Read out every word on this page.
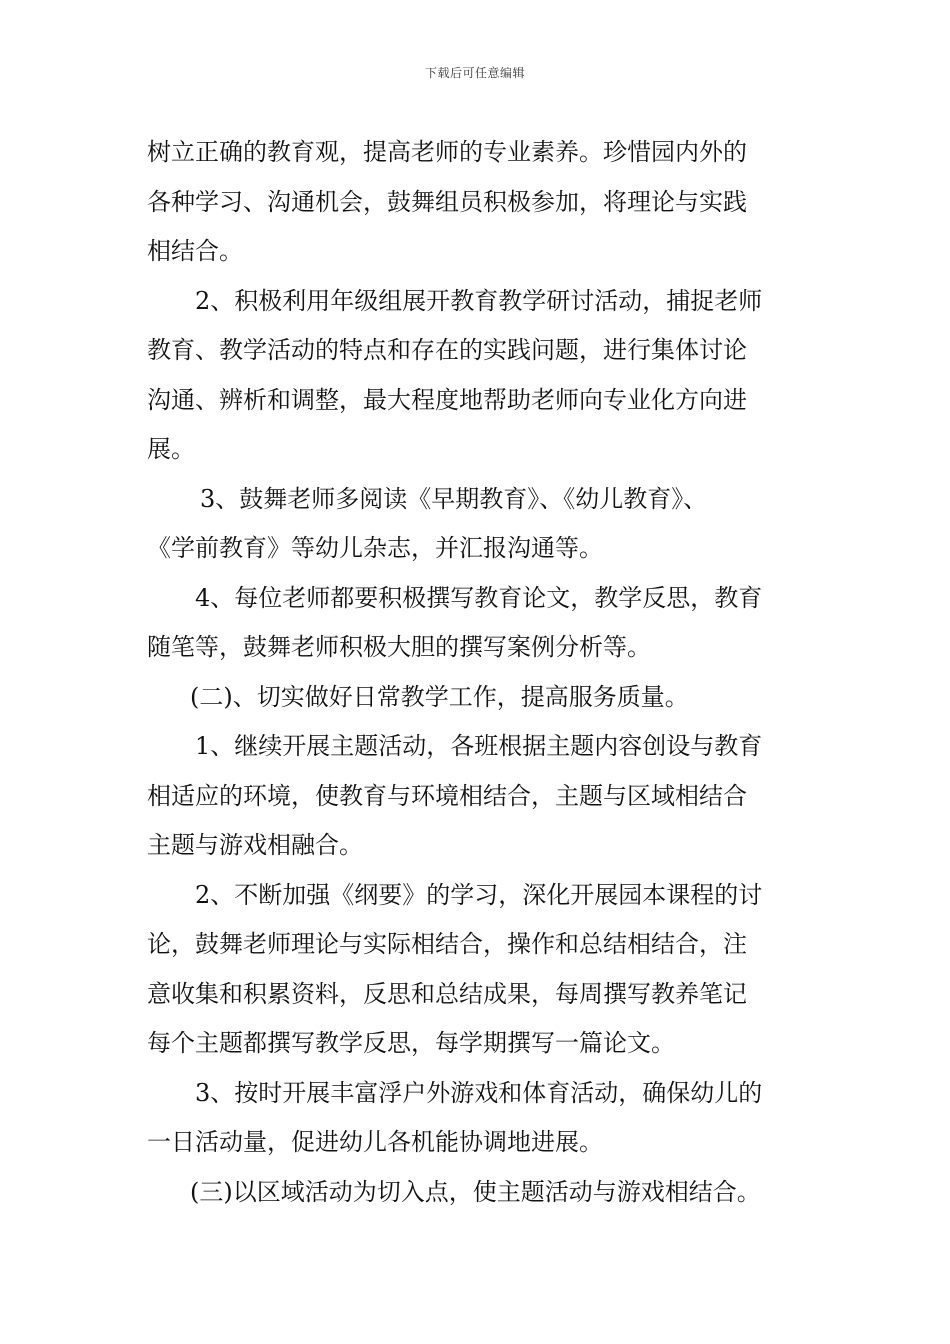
下载后可任意编辑
树立正确的教育观，提高老师的专业素养。珍惜园内外的
各种学习、沟通机会，鼓舞组员积极参加，将理论与实践
相结合。
2、积极利用年级组展开教育教学研讨活动，捕捉老师
教育、教学活动的特点和存在的实践问题，进行集体讨论
沟通、辨析和调整，最大程度地帮助老师向专业化方向进
展。
3、鼓舞老师多阅读《早期教育》、《幼儿教育》、
《学前教育》等幼儿杂志，并汇报沟通等。
4、每位老师都要积极撰写教育论文，教学反思，教育
随笔等，鼓舞老师积极大胆的撰写案例分析等。
(二)、切实做好日常教学工作，提高服务质量。
1、继续开展主题活动，各班根据主题内容创设与教育
相适应的环境，使教育与环境相结合，主题与区域相结合
主题与游戏相融合。
2、不断加强《纲要》的学习，深化开展园本课程的讨
论，鼓舞老师理论与实际相结合，操作和总结相结合，注
意收集和积累资料，反思和总结成果，每周撰写教养笔记
每个主题都撰写教学反思，每学期撰写一篇论文。
3、按时开展丰富浮户外游戏和体育活动，确保幼儿的
一日活动量，促进幼儿各机能协调地进展。
(三)以区域活动为切入点，使主题活动与游戏相结合。
